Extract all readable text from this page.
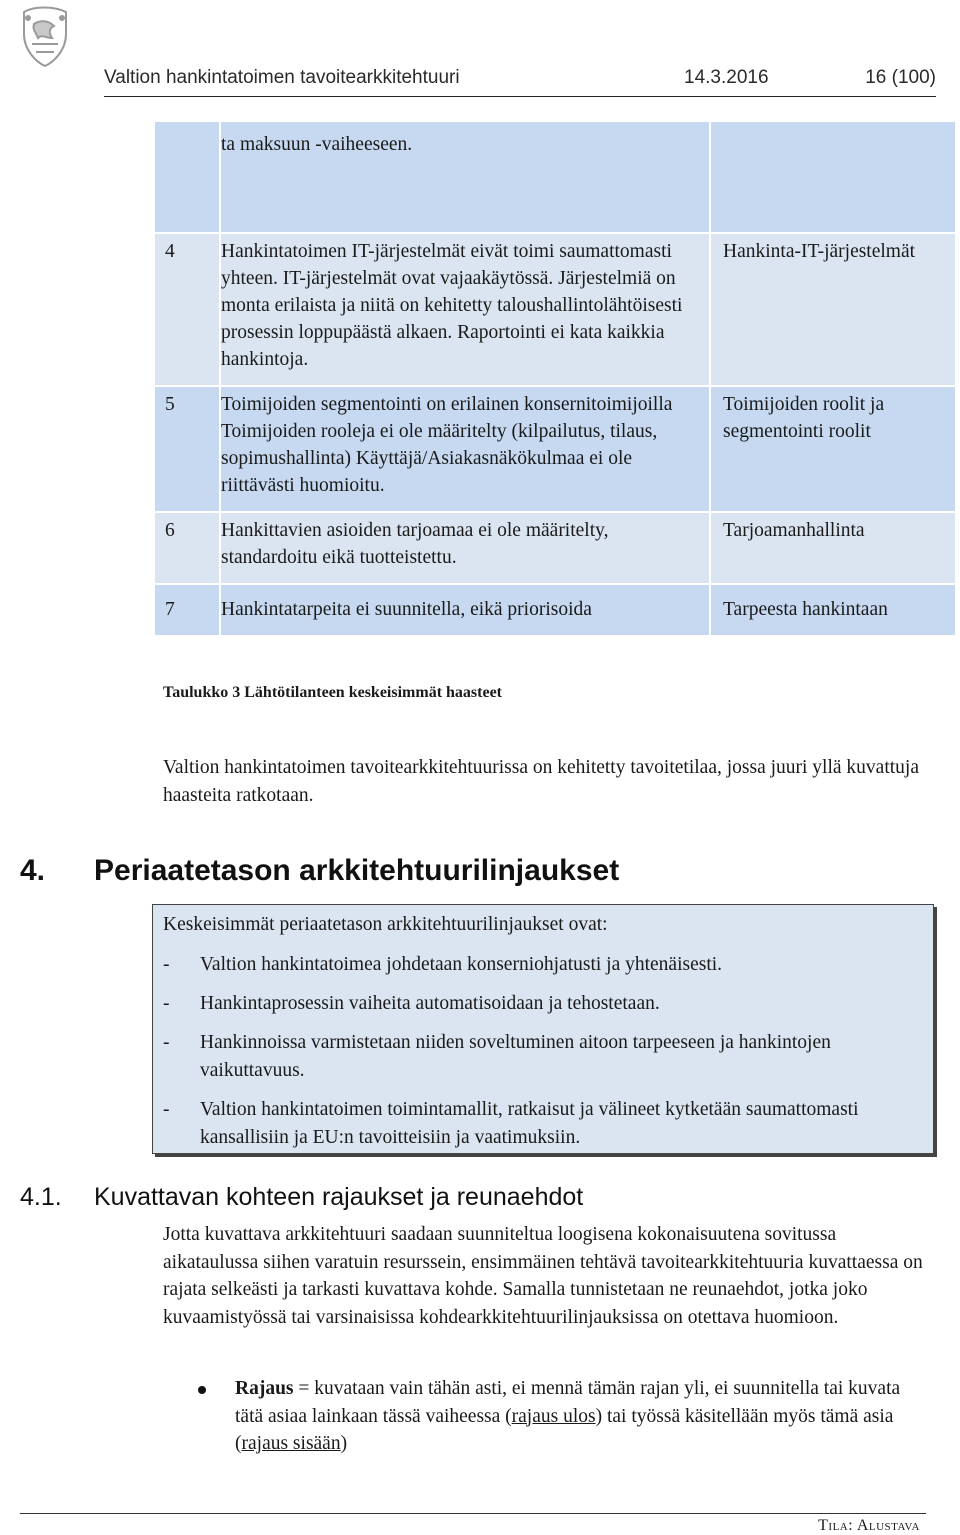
Valtion hankintatoimen tavoitearkkitehtuuri	14.3.2016	16 (100)

	ta maksuun -vaiheeseen.	

4	Hankintatoimen IT-järjestelmät eivät toimi saumattomasti yhteen. IT-järjestelmät ovat vajaakäytössä. Järjestelmiä on monta erilaista ja niitä on kehitetty taloushallintolähtöisesti prosessin loppupäästä alkaen. Raportointi ei kata kaikkia hankintoja.	Hankinta-IT-järjestelmät
5	Toimijoiden segmentointi on erilainen konsernitoimijoilla Toimijoiden rooleja ei ole määritelty (kilpailutus, tilaus, sopimushallinta) Käyttäjä/Asiakasnäkökulmaa ei ole riittävästi huomioitu.	Toimijoiden roolit ja segmentointi roolit
6	Hankittavien asioiden tarjoamaa ei ole määritelty, standardoitu eikä tuotteistettu.	Tarjoamanhallinta
7	Hankintatarpeita ei suunnitella, eikä priorisoida	Tarpeesta hankintaan
Taulukko 3 Lähtötilanteen keskeisimmät haasteet
Valtion hankintatoimen tavoitearkkitehtuurissa on kehitetty tavoitetilaa, jossa juuri yllä kuvattuja haasteita ratkotaan.
4. Periaatetason arkkitehtuurilinjaukset
Keskeisimmät periaatetason arkkitehtuurilinjaukset ovat:
- Valtion hankintatoimea johdetaan konserniohjatusti ja yhtenäisesti.
- Hankintaprosessin vaiheita automatisoidaan ja tehostetaan.
- Hankinnoissa varmistetaan niiden soveltuminen aitoon tarpeeseen ja hankintojen vaikuttavuus.
- Valtion hankintatoimen toimintamallit, ratkaisut ja välineet kytketään saumattomasti kansallisiin ja EU:n tavoitteisiin ja vaatimuksiin.
4.1. Kuvattavan kohteen rajaukset ja reunaehdot
Jotta kuvattava arkkitehtuuri saadaan suunniteltua loogisena kokonaisuutena sovitussa aikataulussa siihen varatuin resurssein, ensimmäinen tehtävä tavoitearkkitehtuuria kuvattaessa on rajata selkeästi ja tarkasti kuvattava kohde. Samalla tunnistetaan ne reunaehdot, jotka joko kuvaamistyössä tai varsinaisissa kohdearkkitehtuurilinjauksissa on otettava huomioon.
Rajaus = kuvataan vain tähän asti, ei mennä tämän rajan yli, ei suunnitella tai kuvata tätä asiaa lainkaan tässä vaiheessa (rajaus ulos) tai työssä käsitellään myös tämä asia (rajaus sisään)
Tila: Alustava
